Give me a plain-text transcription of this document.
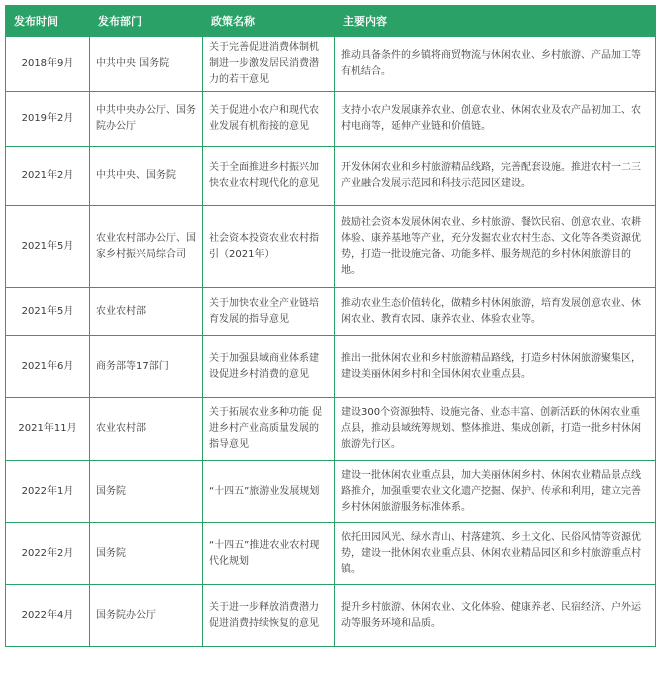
发布时间	发布部门	政策名称	主要内容
2018年9月	中共中央 国务院	关于完善促进消费体制机制进一步激发居民消费潜力的若干意见	推动具备条件的乡镇将商贸物流与休闲农业、乡村旅游、产品加工等有机结合。
2019年2月	中共中央办公厅、国务院办公厅	关于促进小农户和现代农业发展有机衔接的意见	支持小农户发展康养农业、创意农业、休闲农业及农产品初加工、农村电商等，延伸产业链和价值链。
2021年2月	中共中央、国务院	关于全面推进乡村振兴加快农业农村现代化的意见	开发休闲农业和乡村旅游精品线路，完善配套设施。推进农村一二三产业融合发展示范园和科技示范园区建设。
2021年5月	农业农村部办公厅、国家乡村振兴局综合司	社会资本投资农业农村指引（2021年）	鼓励社会资本发展休闲农业、乡村旅游、餐饮民宿、创意农业、农耕体验、康养基地等产业，充分发掘农业农村生态、文化等各类资源优势，打造一批设施完备、功能多样、服务规范的乡村休闲旅游目的地。
2021年5月	农业农村部	关于加快农业全产业链培育发展的指导意见	推动农业生态价值转化，做精乡村休闲旅游，培育发展创意农业、休闲农业、教育农园、康养农业、体验农业等。
2021年6月	商务部等17部门	关于加强县域商业体系建设促进乡村消费的意见	推出一批休闲农业和乡村旅游精品路线，打造乡村休闲旅游聚集区，建设美丽休闲乡村和全国休闲农业重点县。
2021年11月	农业农村部	关于拓展农业多种功能 促进乡村产业高质量发展的指导意见	建设300个资源独特、设施完备、业态丰富、创新活跃的休闲农业重点县，推动县域统筹规划、整体推进、集成创新，打造一批乡村休闲旅游先行区。
2022年1月	国务院	“十四五”旅游业发展规划	建设一批休闲农业重点县，加大美丽休闲乡村、休闲农业精品景点线路推介，加强重要农业文化遗产挖掘、保护、传承和利用，建立完善乡村休闲旅游服务标准体系。
2022年2月	国务院	“十四五”推进农业农村现代化规划	依托田园风光、绿水青山、村落建筑、乡土文化、民俗风情等资源优势，建设一批休闲农业重点县、休闲农业精品园区和乡村旅游重点村镇。
2022年4月	国务院办公厅	关于进一步释放消费潜力促进消费持续恢复的意见	提升乡村旅游、休闲农业、文化体验、健康养老、民宿经济、户外运动等服务环境和品质。
